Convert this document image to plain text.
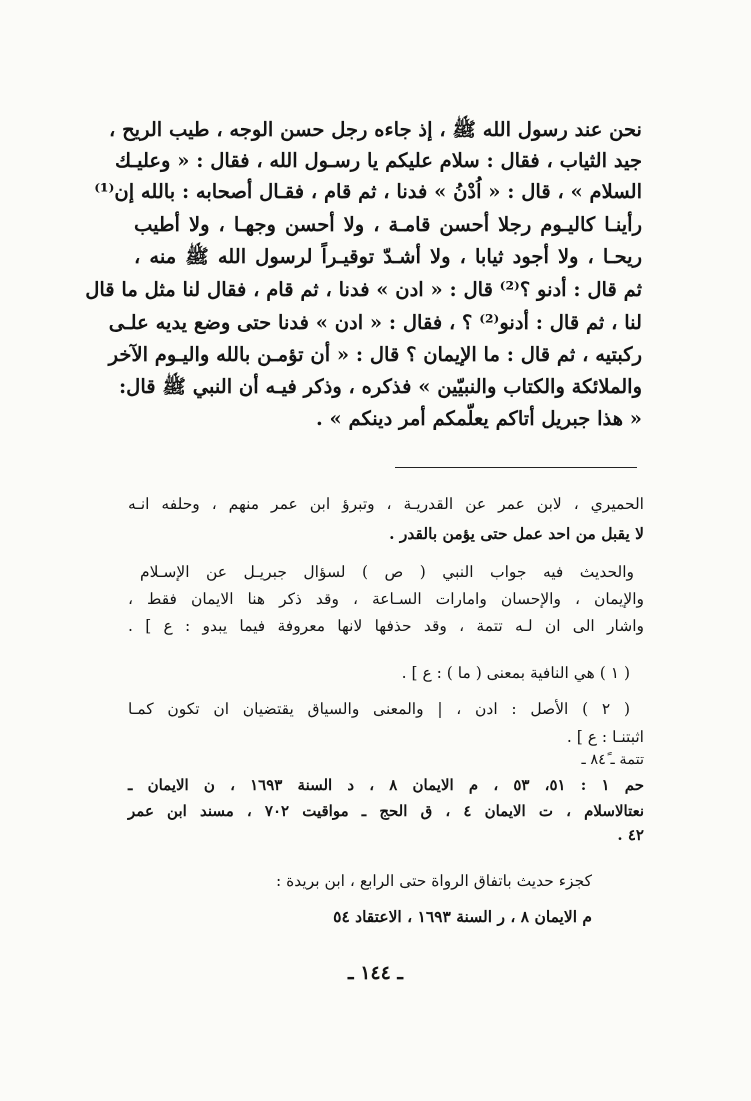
نحن عند رسول الله ﷺ ، إذ جاءه رجل حسن الوجه ، طيب الريح ،
جيد الثياب ، فقال : سلام عليكم يا رسـول الله ، فقال : « وعليـك
السلام » ، قال : « اُدْنُ » فدنا ، ثم قام ، فقـال أصحابه : بالله إن⁽¹⁾
رأينـا كاليـوم رجلا أحسن قامـة ، ولا أحسن وجهـا ، ولا أطيب
ريحـا ، ولا أجود ثيابا ، ولا أشـدّ توقيـراً لرسول الله ﷺ منه ،
ثم قال : أدنو ؟⁽²⁾ قال : « ادن » فدنا ، ثم قام ، فقال لنا مثل ما قال
لنا ، ثم قال : أدنو⁽²⁾ ؟ ، فقال : « ادن » فدنا حتى وضع يديه علـى
ركبتيه ، ثم قال : ما الإيمان ؟ قال : « أن تؤمـن بالله واليـوم الآخر
والملائكة والكتاب والنبيّين » فذكره ، وذكر فيـه أن النبي ﷺ قال:
« هذا جبريل أتاكم يعلّمكم أمر دينكم » .
الحميري ، لابن عمر عن القدريـة ، وتبرؤ ابن عمر منهم ، وحلفه انـه
لا يقبل من احد عمل حتى يؤمن بالقدر .
والحديث فيه جواب النبي ( ص ) لسؤال جبريـل عن الإسـلام
والإيمان ، والإحسان وامارات السـاعة ، وقد ذكر هنا الايمان فقط ،
واشار الى ان لـه تتمة ، وقد حذفها لانها معروفة فيما يبدو : ع ] .
( ١ ) هي النافية بمعنى ( ما ) : ع ] .
( ٢ ) الأصل : ادن ، | والمعنى والسياق يقتضيان ان تكون كمـا
اثبتنـا : ع ] .
تتمة ـ ٨٤ً ـ
حم ١ : ٥١، ٥٣ ، م الايمان ٨ ، د السنة ١٦٩٣ ، ن الايمان ـ
نعتالاسلام ، ت الايمان ٤ ، ق الحج ـ مواقيت ٧٠٢ ، مسند ابن عمر
٤٢ .
كجزء حديث باتفاق الرواة حتى الرابع ، ابن بريدة :
م الايمان ٨ ، ر السنة ١٦٩٣ ، الاعتقاد ٥٤
ـ ١٤٤ ـ
